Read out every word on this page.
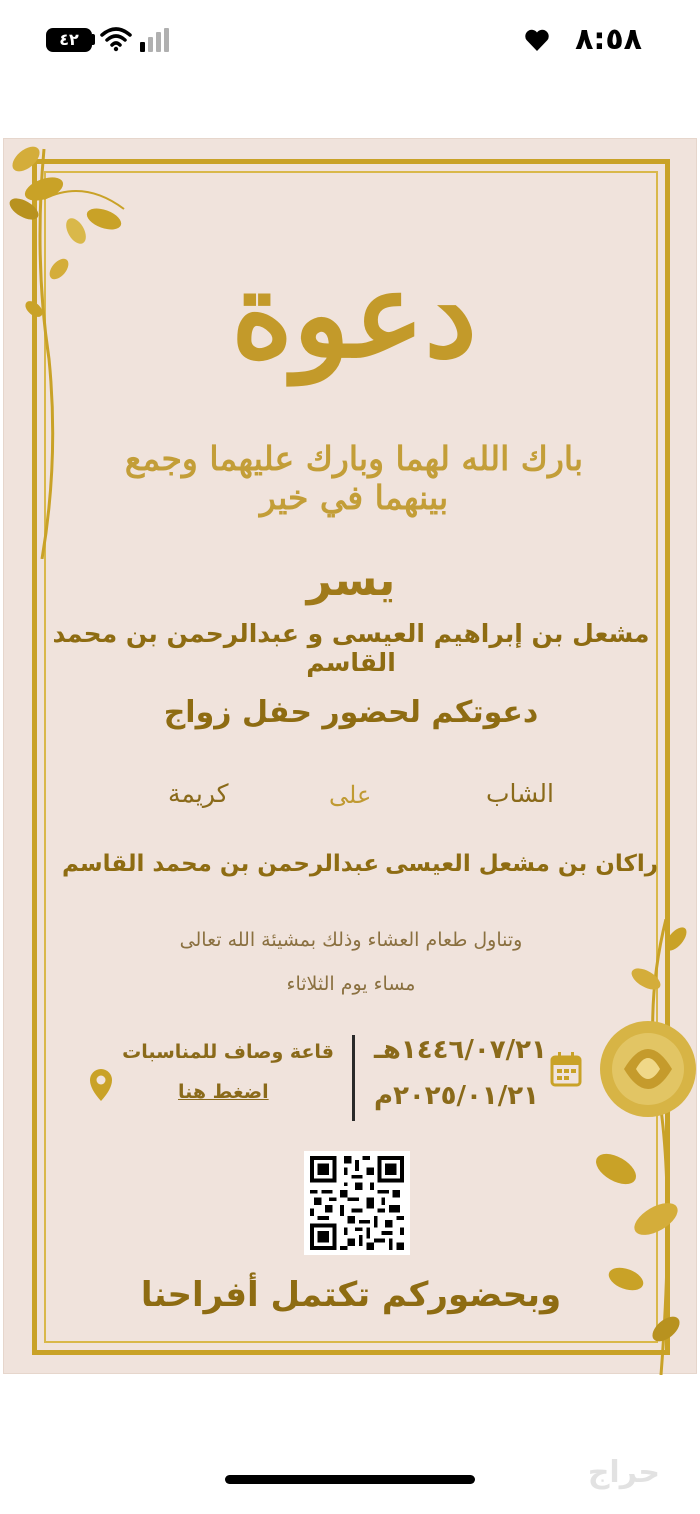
٤٢	٨:٥٨
دعوة
بارك الله لهما وبارك عليهما وجمع بينهما في خير
يسر
مشعل بن إبراهيم العيسى و عبدالرحمن بن محمد القاسم
دعوتكم لحضور حفل زواج
الشاب
على
كريمة
راكان بن مشعل العيسى
عبدالرحمن بن محمد القاسم
وتناول طعام العشاء وذلك بمشيئة الله تعالى
مساء يوم الثلاثاء
قاعة وصاف للمناسبات
اضغط هنا
١٤٤٦/٠٧/٢١هـ
٢٠٢٥/٠١/٢١م
وبحضوركم تكتمل أفراحنا
حراج
